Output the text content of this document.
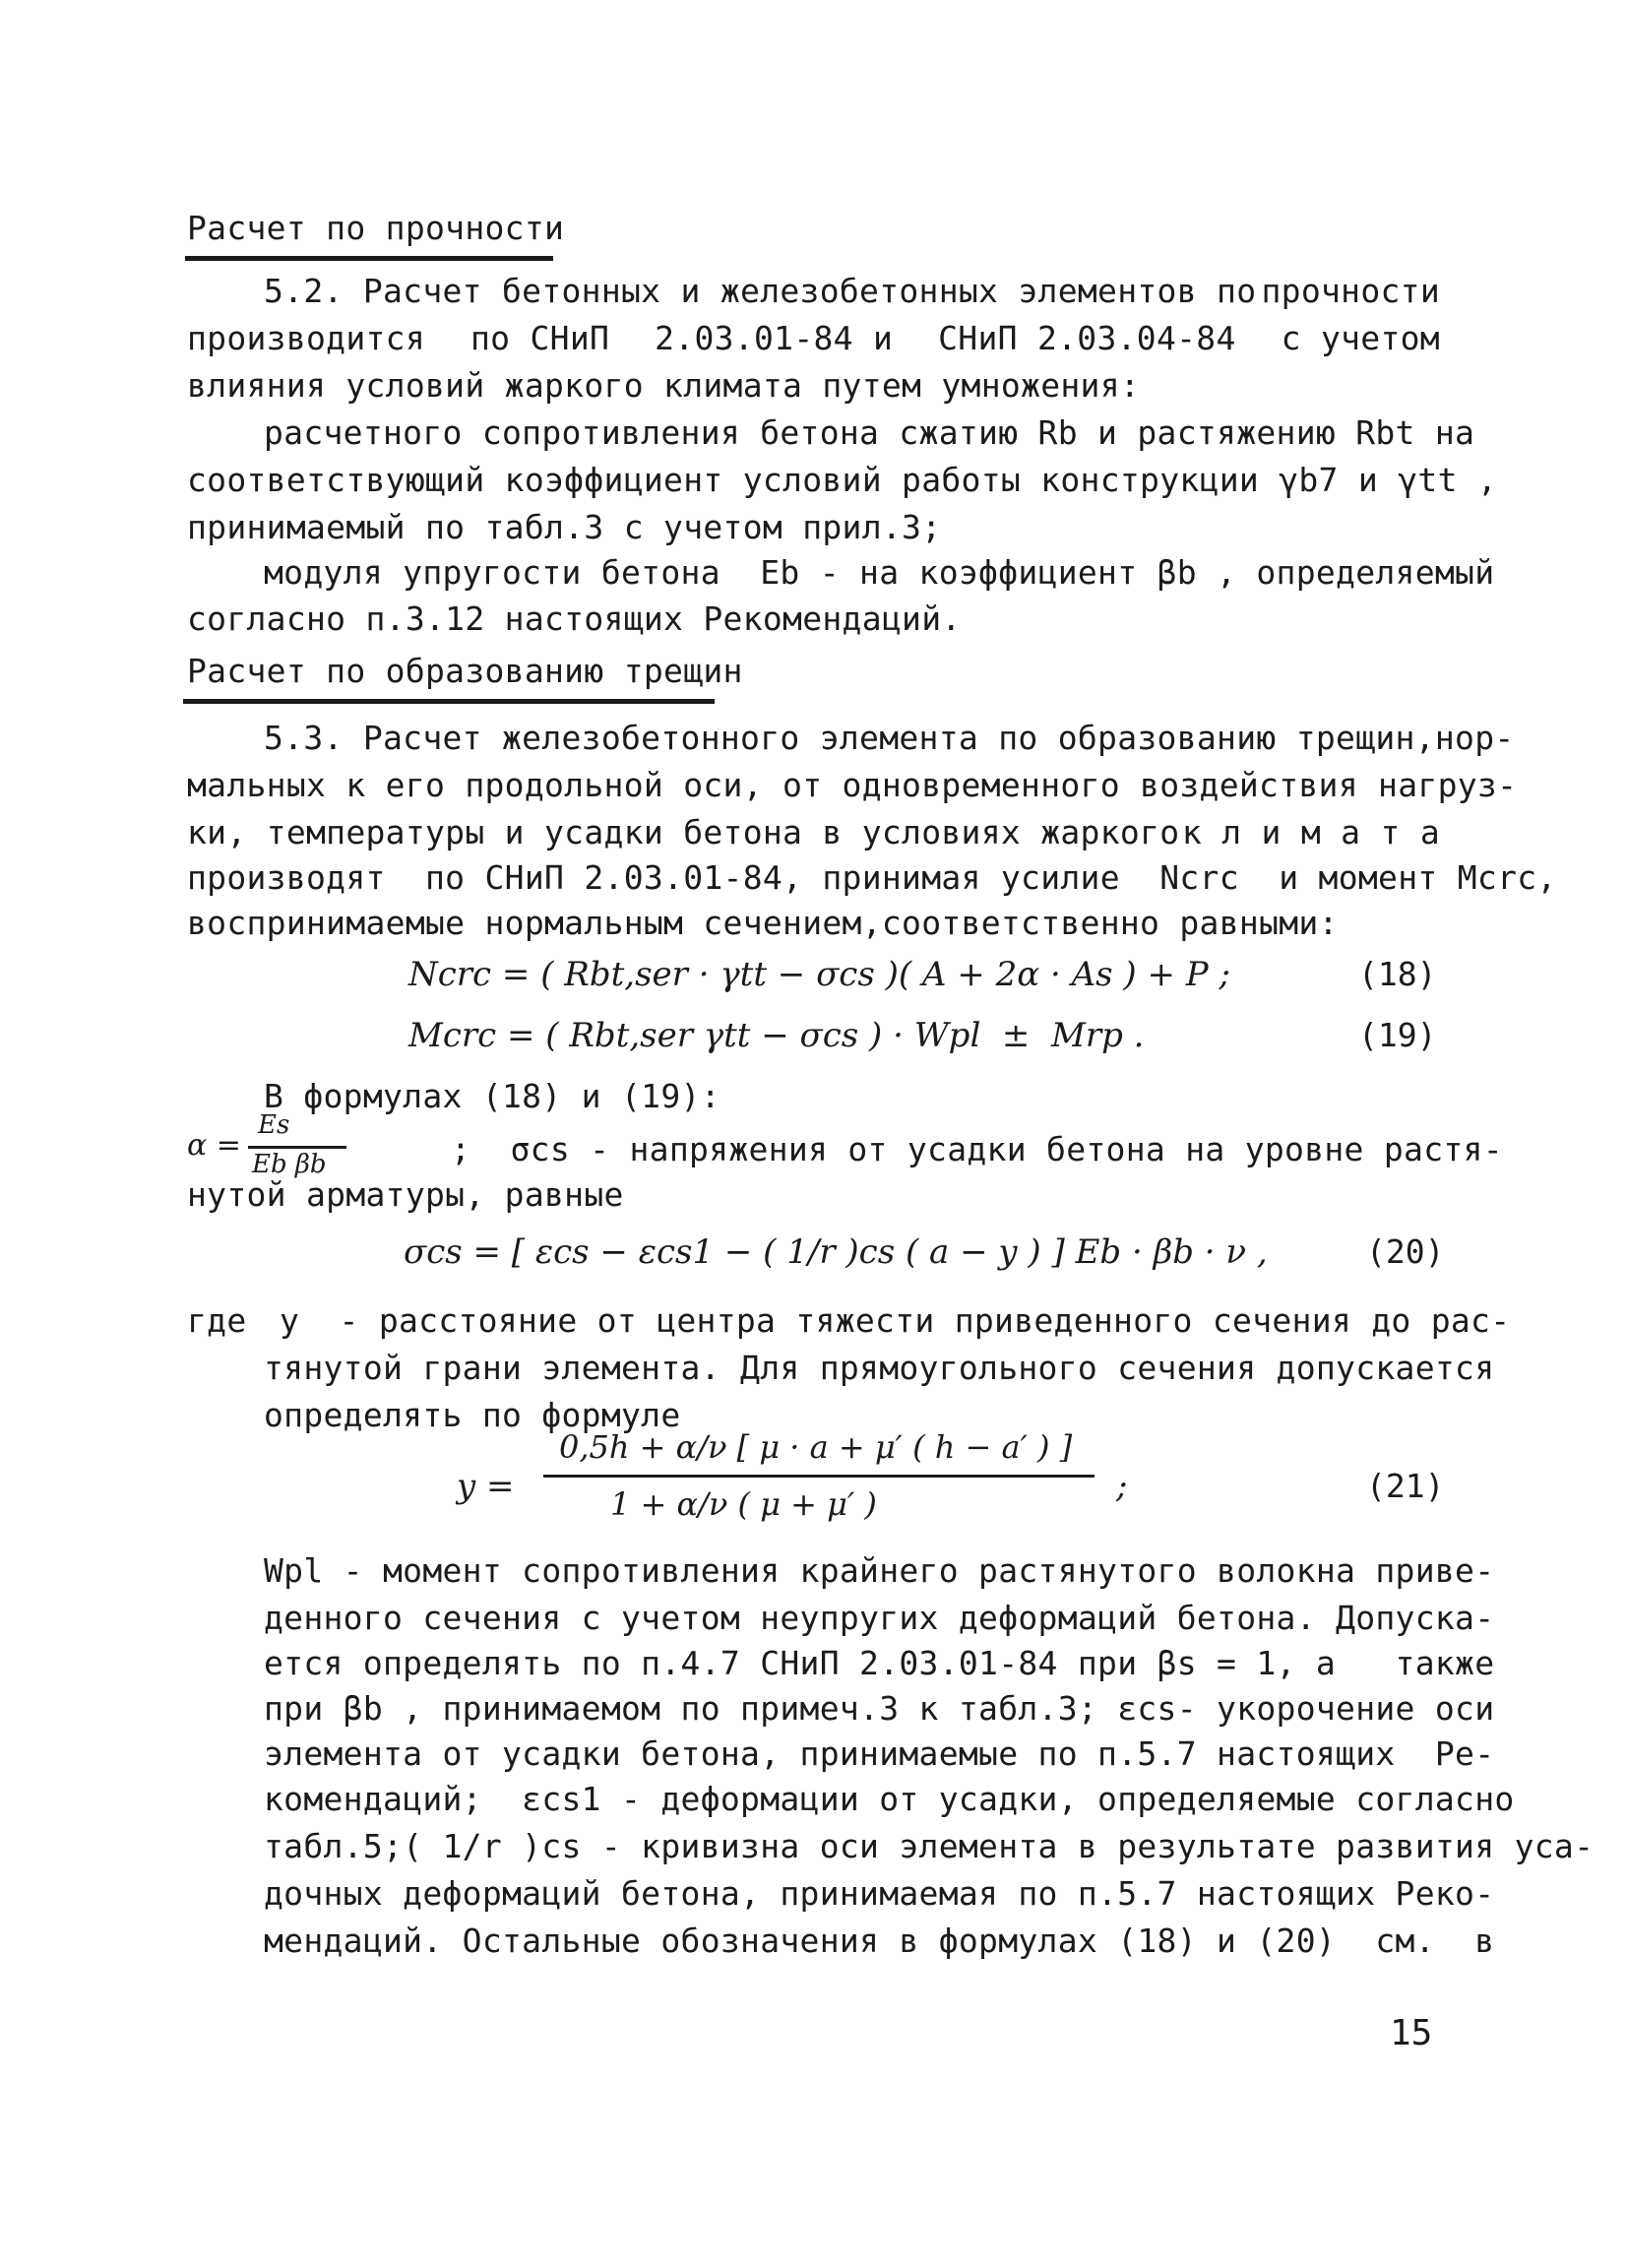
Расчет по прочности
5.2. Расчет бетонных и железобетонных элементов по прочности
производится по СНиП 2.03.01-84 и СНиП 2.03.04-84 с учетом
влияния условий жаркого климата путем умножения:
расчетного сопротивления бетона сжатию Rb и растяжению Rbt на
соответствующий коэффициент условий работы конструкции γb7 и γtt ,
принимаемый по табл.3 с учетом прил.3;
модуля упругости бетона  Eb - на коэффициент βb , определяемый
согласно п.3.12 настоящих Рекомендаций.
Расчет по образованию трещин
5.3. Расчет железобетонного элемента по образованию трещин,нор-
мальных к его продольной оси, от одновременного воздействия нагруз-
ки, температуры и усадки бетона в условиях жаркого к л и м а т а
производят  по СНиП 2.03.01-84, принимая усилие  Ncrc  и момент Mcrc,
воспринимаемые нормальным сечением,соответственно равными:
Ncrc = ( Rbt,ser · γtt − σcs )( A + 2α · As ) + P ;	(18)
Mcrc = ( Rbt,ser γtt − σcs ) · Wpl  ±  Mrp .	(19)
В формулах (18) и (19):
α =
Es
Eb βb	;  σcs - напряжения от усадки бетона на уровне растя-
нутой арматуры, равные
σcs = [ εcs − εcs1 − ( 1/r )cs ( a − y ) ] Eb · βb · ν ,	(20)
где y  - расстояние от центра тяжести приведенного сечения до рас-
тянутой грани элемента. Для прямоугольного сечения допускается
определять по формуле
y =
0,5h + α/ν [ μ · a + μ′ ( h − a′ ) ]
1 + α/ν ( μ + μ′ )	;	(21)
Wpl - момент сопротивления крайнего растянутого волокна приве-
денного сечения с учетом неупругих деформаций бетона. Допуска-
ется определять по п.4.7 СНиП 2.03.01-84 при βs = 1, а   также
при βb , принимаемом по примеч.3 к табл.3; εcs- укорочение оси
элемента от усадки бетона, принимаемые по п.5.7 настоящих  Ре-
комендаций;  εcs1 - деформации от усадки, определяемые согласно
табл.5;( 1/r )cs - кривизна оси элемента в результате развития уса-
дочных деформаций бетона, принимаемая по п.5.7 настоящих Реко-
мендаций. Остальные обозначения в формулах (18) и (20)  см.  в
15
